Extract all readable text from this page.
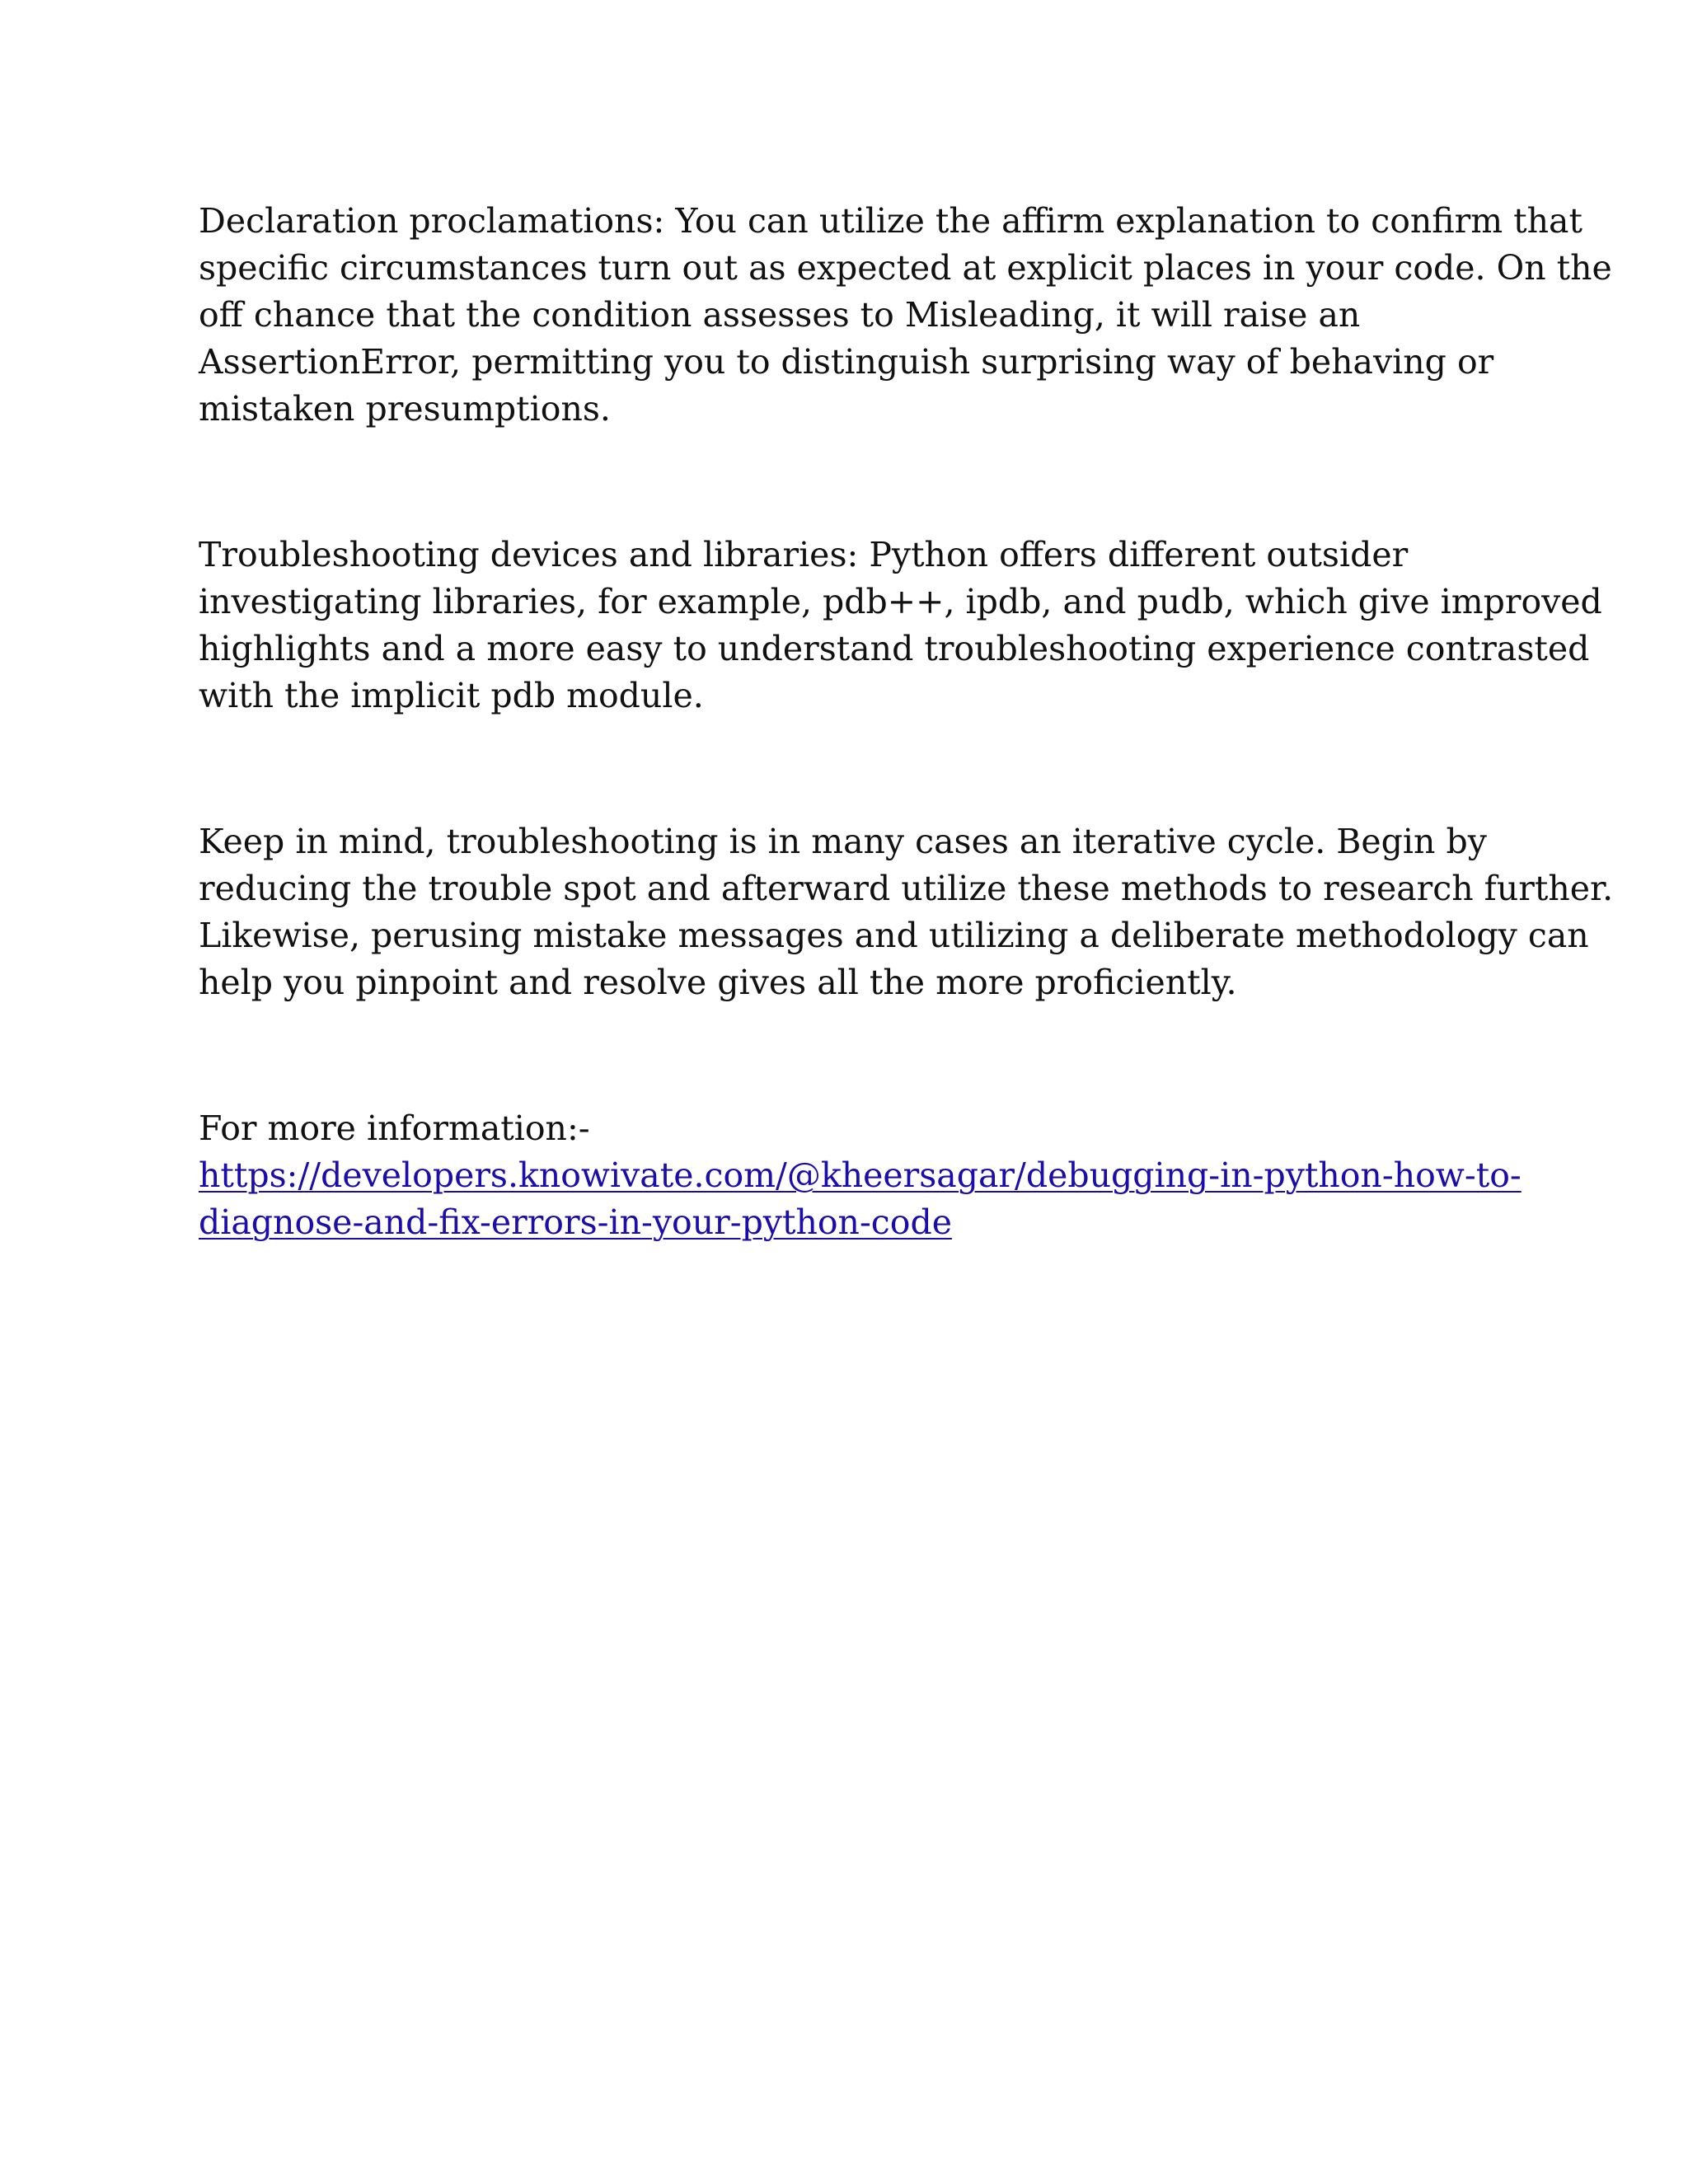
Declaration proclamations: You can utilize the affirm explanation to confirm that

specific circumstances turn out as expected at explicit places in your code. On the

off chance that the condition assesses to Misleading, it will raise an

AssertionError, permitting you to distinguish surprising way of behaving or

mistaken presumptions.

Troubleshooting devices and libraries: Python offers different outsider

investigating libraries, for example, pdb++, ipdb, and pudb, which give improved

highlights and a more easy to understand troubleshooting experience contrasted

with the implicit pdb module.

Keep in mind, troubleshooting is in many cases an iterative cycle. Begin by

reducing the trouble spot and afterward utilize these methods to research further.

Likewise, perusing mistake messages and utilizing a deliberate methodology can

help you pinpoint and resolve gives all the more proficiently.

For more information:-

https://developers.knowivate.com/@kheersagar/debugging-in-python-how-to-

diagnose-and-fix-errors-in-your-python-code
